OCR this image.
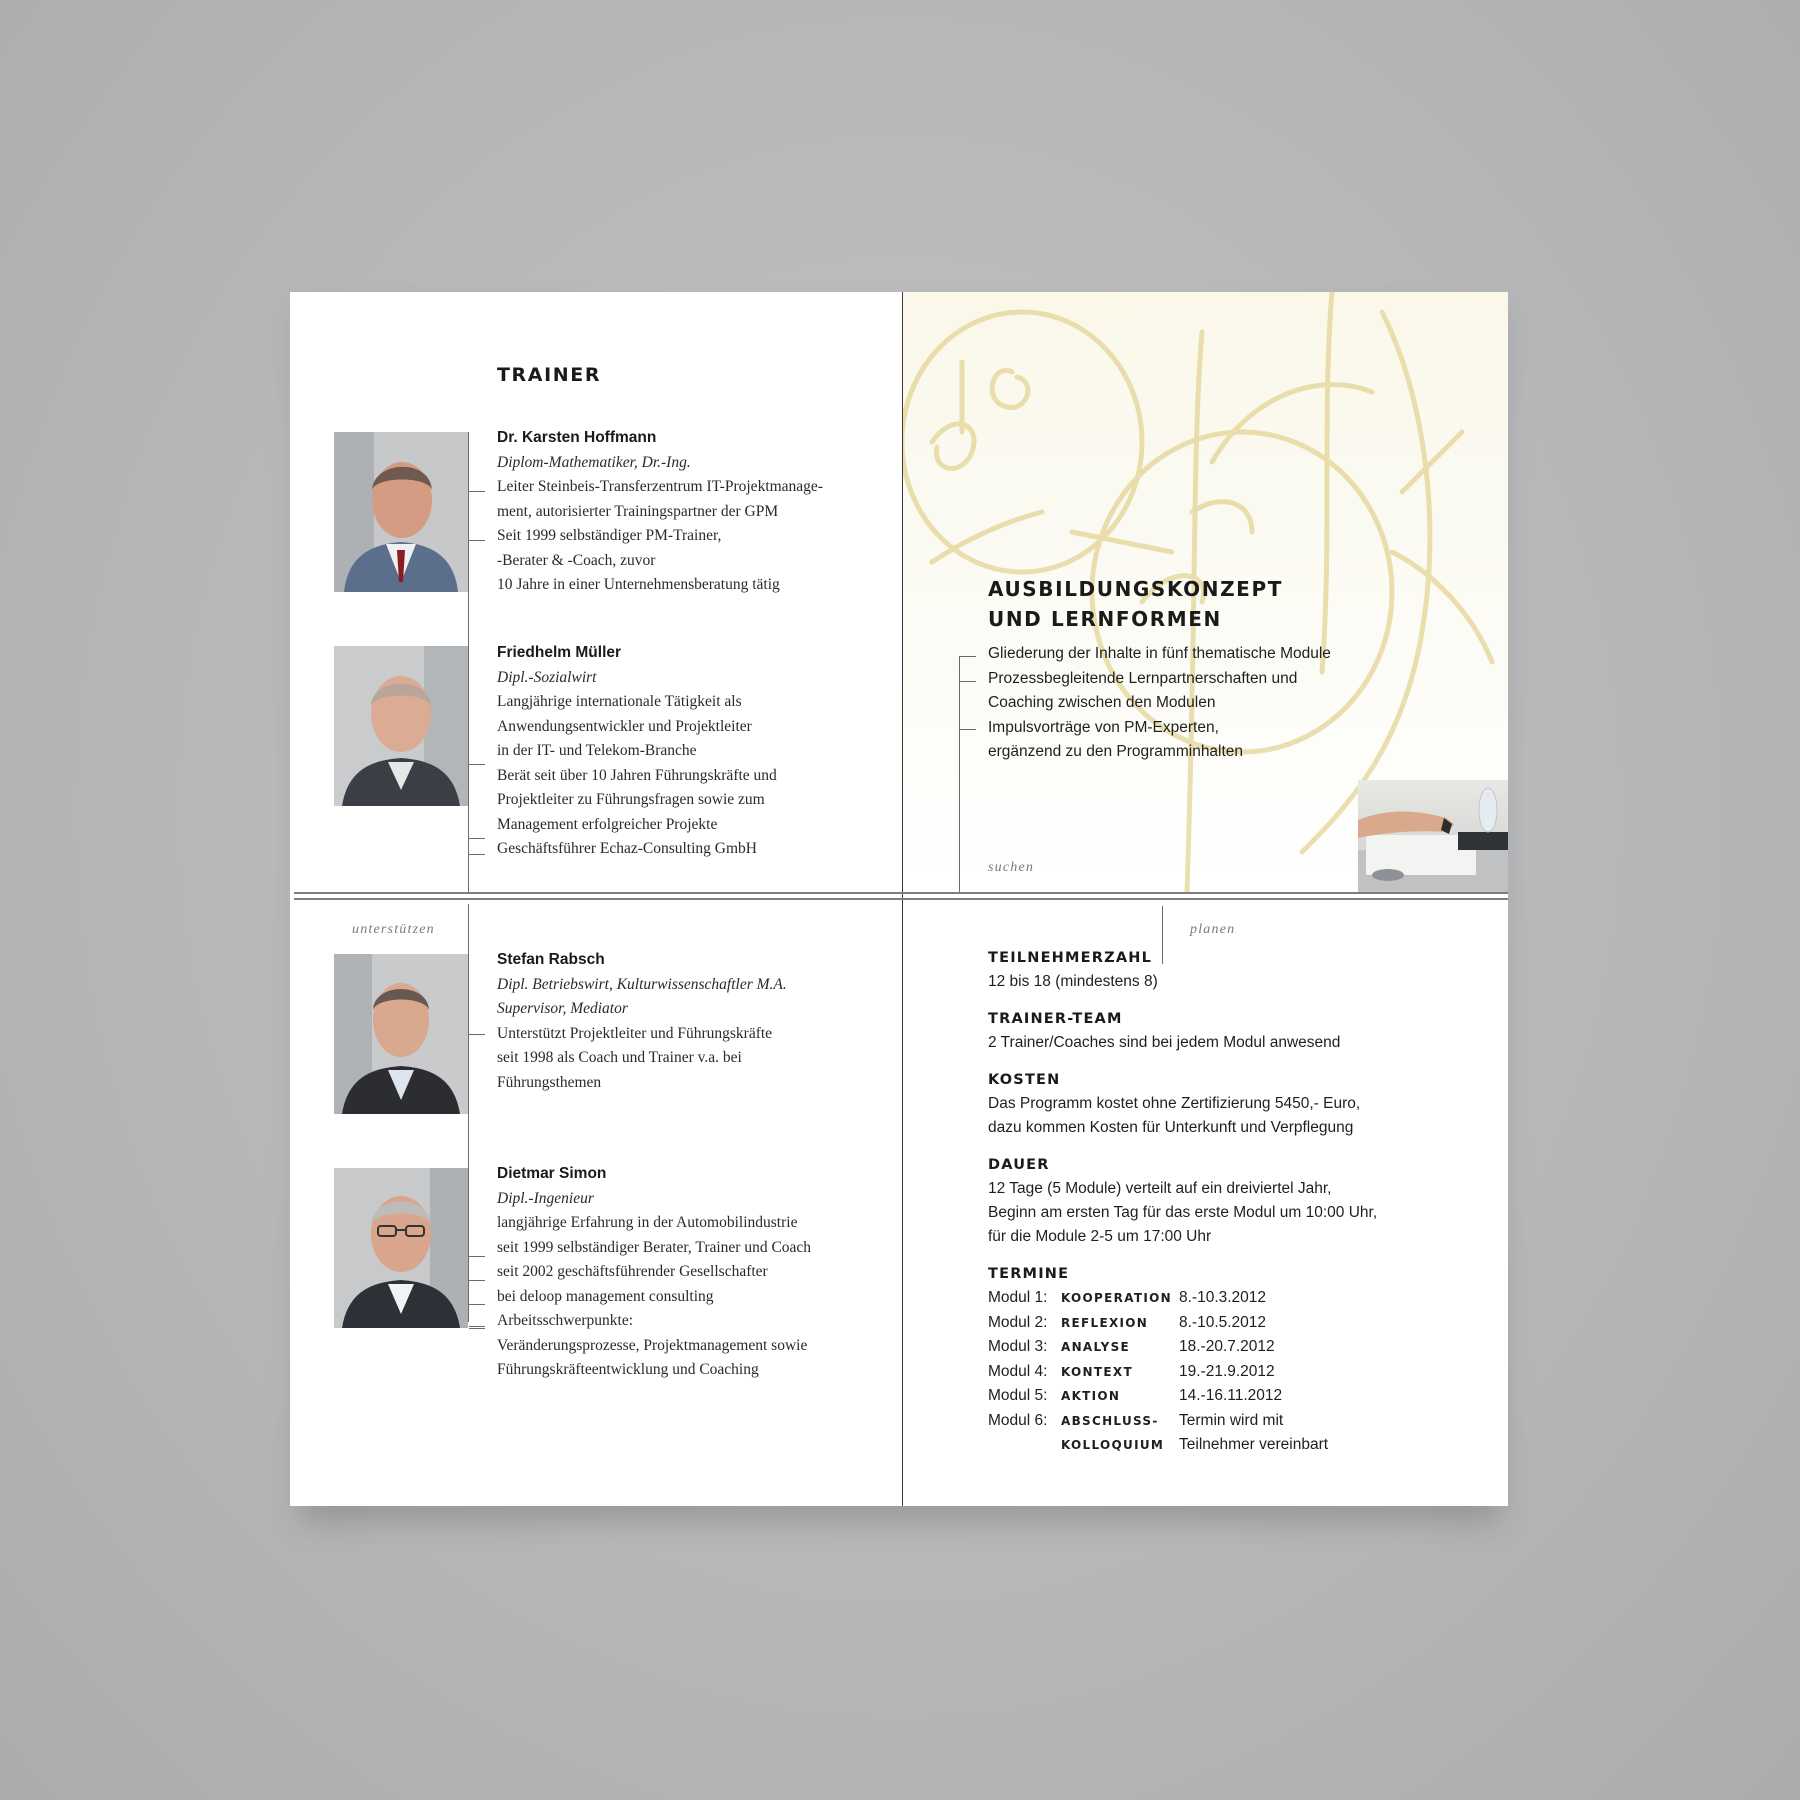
TRAINER
Dr. Karsten Hoffmann
Diplom-Mathematiker, Dr.-Ing.
Leiter Steinbeis-Transferzentrum IT-Projektmanage-
ment, autorisierter Trainingspartner der GPM
Seit 1999 selbständiger PM-Trainer,
-Berater & -Coach, zuvor
10 Jahre in einer Unternehmensberatung tätig
Friedhelm Müller
Dipl.-Sozialwirt
Langjährige internationale Tätigkeit als
Anwendungsentwickler und Projektleiter
in der IT- und Telekom-Branche
Berät seit über 10 Jahren Führungskräfte und
Projektleiter zu Führungsfragen sowie zum
Management erfolgreicher Projekte
Geschäftsführer Echaz-Consulting GmbH
unterstützen
Stefan Rabsch
Dipl. Betriebswirt, Kulturwissenschaftler M.A.
Supervisor, Mediator
Unterstützt Projektleiter und Führungskräfte
seit 1998 als Coach und Trainer v.a. bei
Führungsthemen
Dietmar Simon
Dipl.-Ingenieur
langjährige Erfahrung in der Automobilindustrie
seit 1999 selbständiger Berater, Trainer und Coach
seit 2002 geschäftsführender Gesellschafter
bei deloop management consulting
Arbeitsschwerpunkte:
Veränderungsprozesse, Projektmanagement sowie
Führungskräfteentwicklung und Coaching
AUSBILDUNGSKONZEPT
UND LERNFORMEN
Gliederung der Inhalte in fünf thematische Module
Prozessbegleitende Lernpartnerschaften und
Coaching zwischen den Modulen
Impulsvorträge von PM-Experten,
ergänzend zu den Programminhalten
suchen
planen
TEILNEHMERZAHL

12 bis 18 (mindestens 8)

TRAINER-TEAM

2 Trainer/Coaches sind bei jedem Modul anwesend

KOSTEN

Das Programm kostet ohne Zertifizierung 5450,- Euro,

dazu kommen Kosten für Unterkunft und Verpflegung

DAUER

12 Tage (5 Module) verteilt auf ein dreiviertel Jahr,

Beginn am ersten Tag für das erste Modul um 10:00 Uhr,

für die Module 2-5 um 17:00 Uhr

TERMINE
Modul 1:	KOOPERATION	8.-10.3.2012
Modul 2:	REFLEXION	8.-10.5.2012
Modul 3:	ANALYSE	18.-20.7.2012
Modul 4:	KONTEXT	19.-21.9.2012
Modul 5:	AKTION	14.-16.11.2012
Modul 6:	ABSCHLUSS-	Termin wird mit
	KOLLOQUIUM	Teilnehmer vereinbart
